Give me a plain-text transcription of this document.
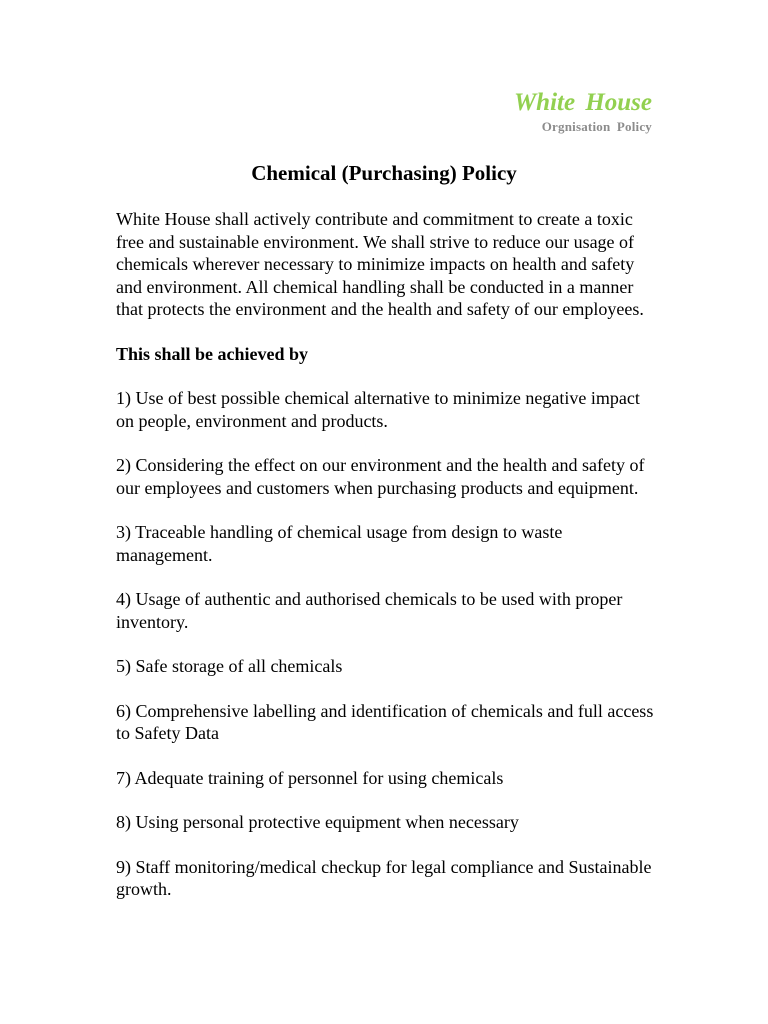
White House
Orgnisation Policy
Chemical (Purchasing) Policy

White House shall actively contribute and commitment to create a toxic free and sustainable environment. We shall strive to reduce our usage of chemicals wherever necessary to minimize impacts on health and safety and environment. All chemical handling shall be conducted in a manner that protects the environment and the health and safety of our employees.

This shall be achieved by

1) Use of best possible chemical alternative to minimize negative impact on people, environment and products.

2) Considering the effect on our environment and the health and safety of our employees and customers when purchasing products and equipment.

3) Traceable handling of chemical usage from design to waste management.

4) Usage of authentic and authorised chemicals to be used with proper inventory.

5) Safe storage of all chemicals

6) Comprehensive labelling and identification of chemicals and full access to Safety Data

7) Adequate training of personnel for using chemicals

8) Using personal protective equipment when necessary

9) Staff monitoring/medical checkup for legal compliance and Sustainable growth.
